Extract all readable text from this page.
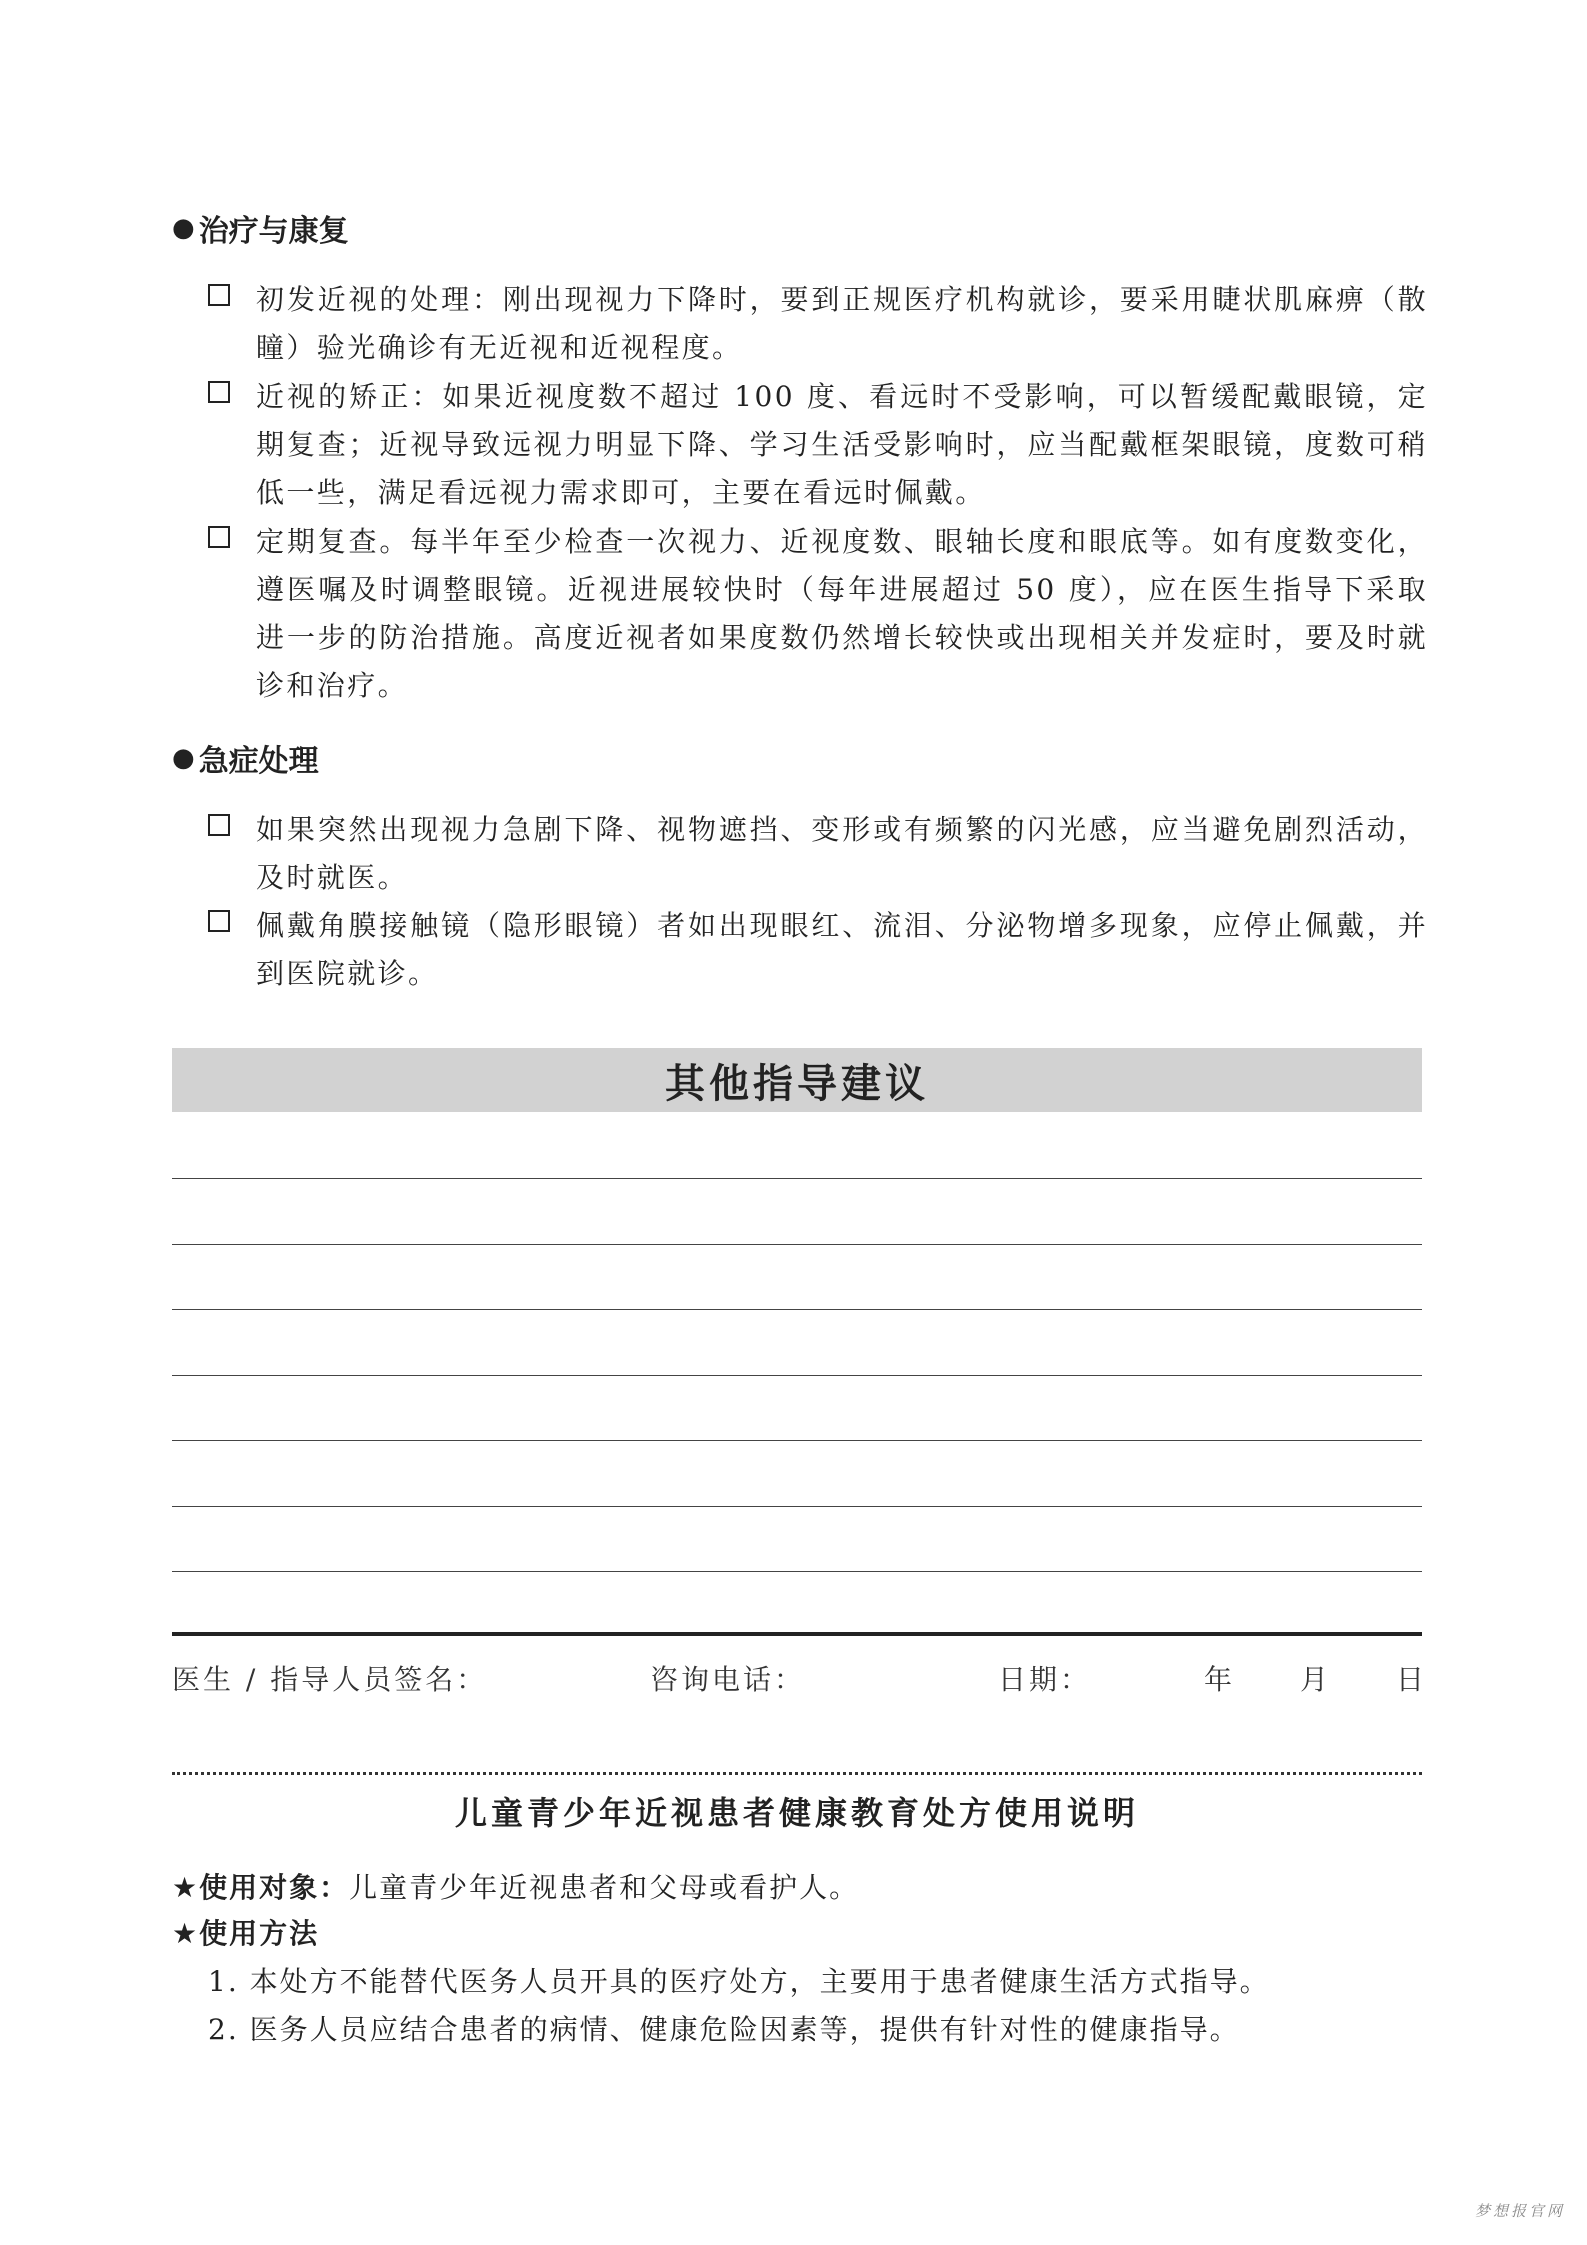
● 治疗与康复
初发近视的处理：刚出现视力下降时，要到正规医疗机构就诊，要采用睫状肌麻痹（散瞳）验光确诊有无近视和近视程度。
近视的矫正：如果近视度数不超过 100 度、看远时不受影响，可以暂缓配戴眼镜，定期复查；近视导致远视力明显下降、学习生活受影响时，应当配戴框架眼镜，度数可稍低一些，满足看远视力需求即可，主要在看远时佩戴。
定期复查。每半年至少检查一次视力、近视度数、眼轴长度和眼底等。如有度数变化，遵医嘱及时调整眼镜。近视进展较快时（每年进展超过 50 度），应在医生指导下采取进一步的防治措施。高度近视者如果度数仍然增长较快或出现相关并发症时，要及时就诊和治疗。
● 急症处理
如果突然出现视力急剧下降、视物遮挡、变形或有频繁的闪光感，应当避免剧烈活动，及时就医。
佩戴角膜接触镜（隐形眼镜）者如出现眼红、流泪、分泌物增多现象，应停止佩戴，并到医院就诊。
其他指导建议
医生 / 指导人员签名：	咨询电话：	日期：	年 月 日
儿童青少年近视患者健康教育处方使用说明
★使用对象：儿童青少年近视患者和父母或看护人。
★使用方法
1. 本处方不能替代医务人员开具的医疗处方，主要用于患者健康生活方式指导。
2. 医务人员应结合患者的病情、健康危险因素等，提供有针对性的健康指导。
梦想报官网
